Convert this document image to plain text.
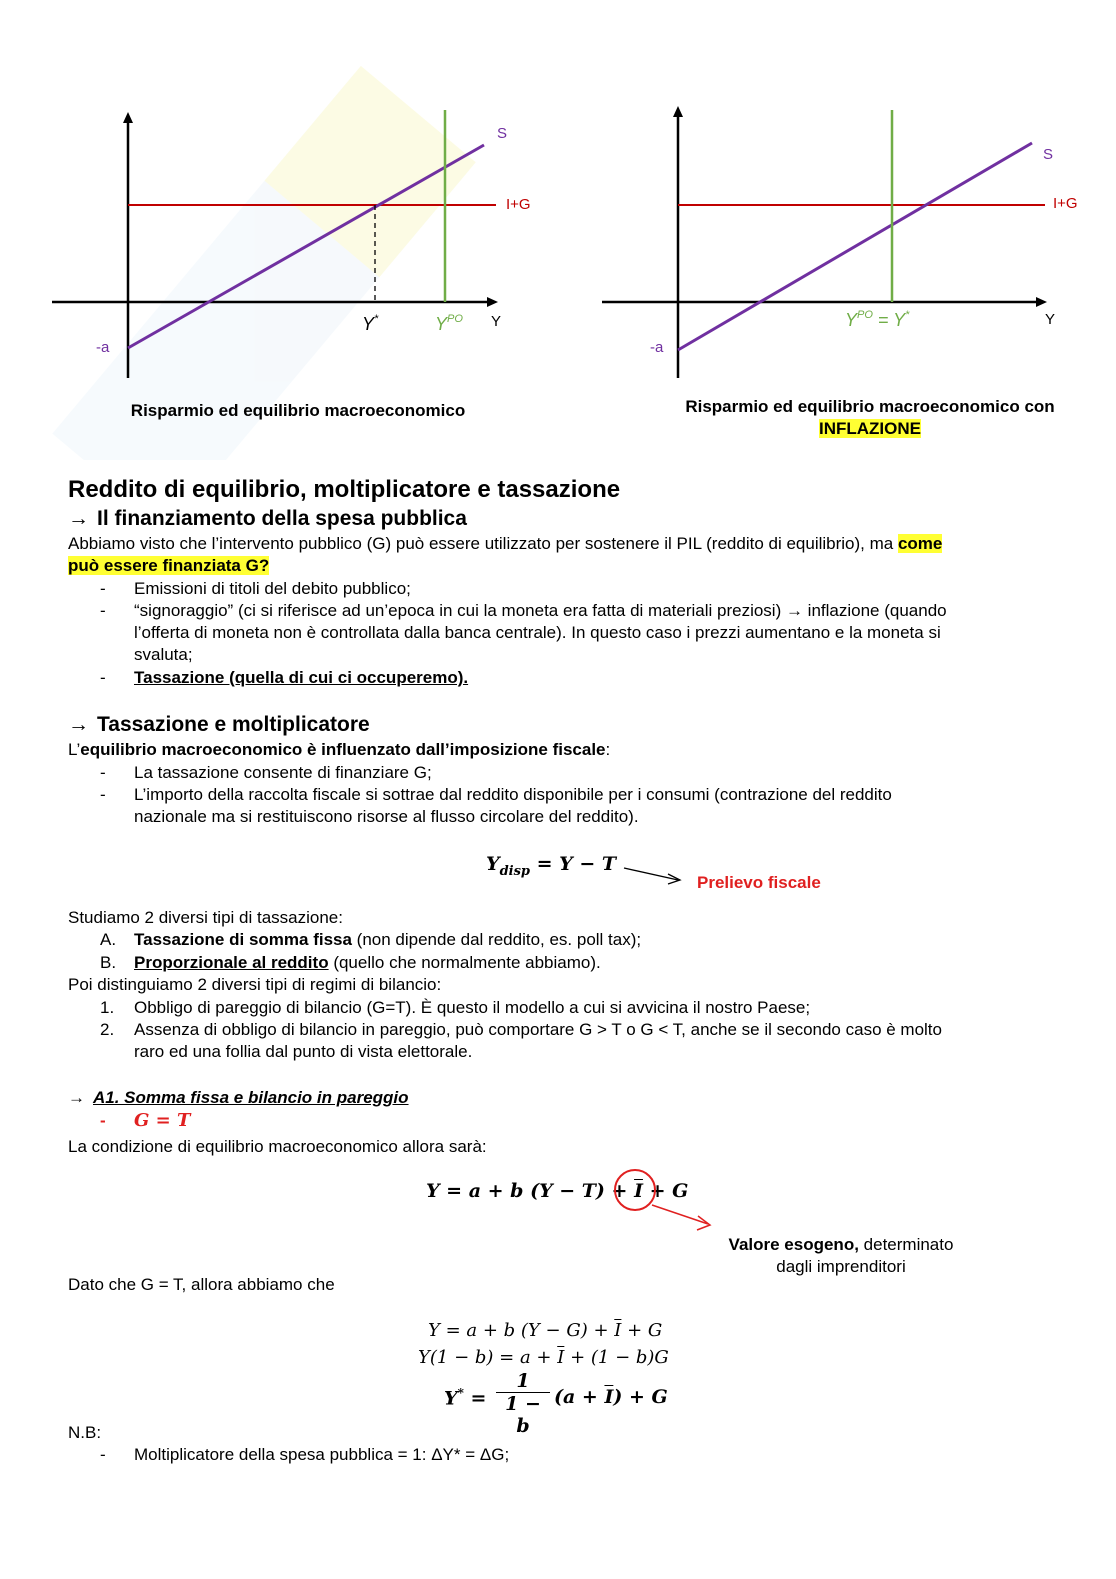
S
I+G
Y
-a
Y*	$Y^{PO}$
Risparmio ed equilibrio macroeconomico
S
I+G
Y
-a
$Y^{PO} = Y^*$
Risparmio ed equilibrio macroeconomico con
INFLAZIONE
Reddito di equilibrio, moltiplicatore e tassazione
→ Il finanziamento della spesa pubblica
Abbiamo visto che l’intervento pubblico (G) può essere utilizzato per sostenere il PIL (reddito di equilibrio), ma come
può essere finanziata G?
- Emissioni di titoli del debito pubblico;
- “signoraggio” (ci si riferisce ad un’epoca in cui la moneta era fatta di materiali preziosi) → inflazione (quando
l’offerta di moneta non è controllata dalla banca centrale). In questo caso i prezzi aumentano e la moneta si
svaluta;
- Tassazione (quella di cui ci occuperemo).
→ Tassazione e moltiplicatore
L’equilibrio macroeconomico è influenzato dall’imposizione fiscale:
- La tassazione consente di finanziare G;
- L’importo della raccolta fiscale si sottrae dal reddito disponibile per i consumi (contrazione del reddito
nazionale ma si restituiscono risorse al flusso circolare del reddito).
$Y_{disp} = Y - T$
Prelievo fiscale
Studiamo 2 diversi tipi di tassazione:
A. Tassazione di somma fissa (non dipende dal reddito, es. poll tax);
B. Proporzionale al reddito (quello che normalmente abbiamo).
Poi distinguiamo 2 diversi tipi di regimi di bilancio:
1. Obbligo di pareggio di bilancio (G=T). È questo il modello a cui si avvicina il nostro Paese;
2. Assenza di obbligo di bilancio in pareggio, può comportare G > T o G < T, anche se il secondo caso è molto
raro ed una follia dal punto di vista elettorale.
→ A1. Somma fissa e bilancio in pareggio
- G = T
La condizione di equilibrio macroeconomico allora sarà:
Y = a + b $(Y - T) + \overline{I} + G$
Valore esogeno, determinato
dagli imprenditori
Dato che G = T, allora abbiamo che
Y = a + b $(Y - G) + \overline{I} + G$
$Y(1 - b) = a + \overline{I} + (1 - b)G$
Y* =
1
1 − b
$(a + \overline{I}) + G$
N.B:
- Moltiplicatore della spesa pubblica = 1: ΔY* = ΔG;
